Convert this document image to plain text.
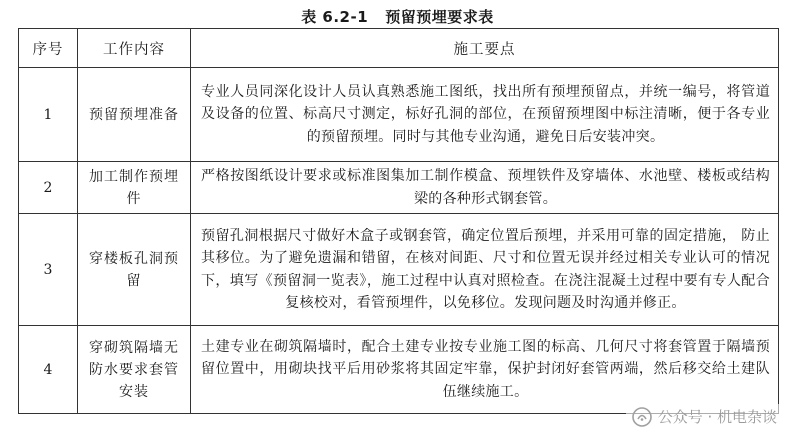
表 6.2-1   预留预埋要求表
序号	工作内容	施工要点
1	预留预埋准备	专业人员同深化设计人员认真熟悉施工图纸，找出所有预埋预留点，并统一编号，将管道及设备的位置、标高尺寸测定，标好孔洞的部位，在预留预埋图中标注清晰，便于各专业的预留预埋。同时与其他专业沟通，避免日后安装冲突。
2	加工制作预埋件	严格按图纸设计要求或标准图集加工制作模盒、预埋铁件及穿墙体、水池壁、楼板或结构梁的各种形式钢套管。
3	穿楼板孔洞预留	预留孔洞根据尺寸做好木盒子或钢套管，确定位置后预埋，并采用可靠的固定措施， 防止其移位。为了避免遗漏和错留，在核对间距、尺寸和位置无误并经过相关专业认可的情况下，填写《预留洞一览表》，施工过程中认真对照检查。在浇注混凝土过程中要有专人配合复核校对，看管预埋件，以免移位。发现问题及时沟通并修正。
4	穿砌筑隔墙无防水要求套管安装	土建专业在砌筑隔墙时，配合土建专业按专业施工图的标高、几何尺寸将套管置于隔墙预留位置中，用砌块找平后用砂浆将其固定牢靠，保护封闭好套管两端，然后移交给土建队伍继续施工。
公众号 · 机电杂谈
